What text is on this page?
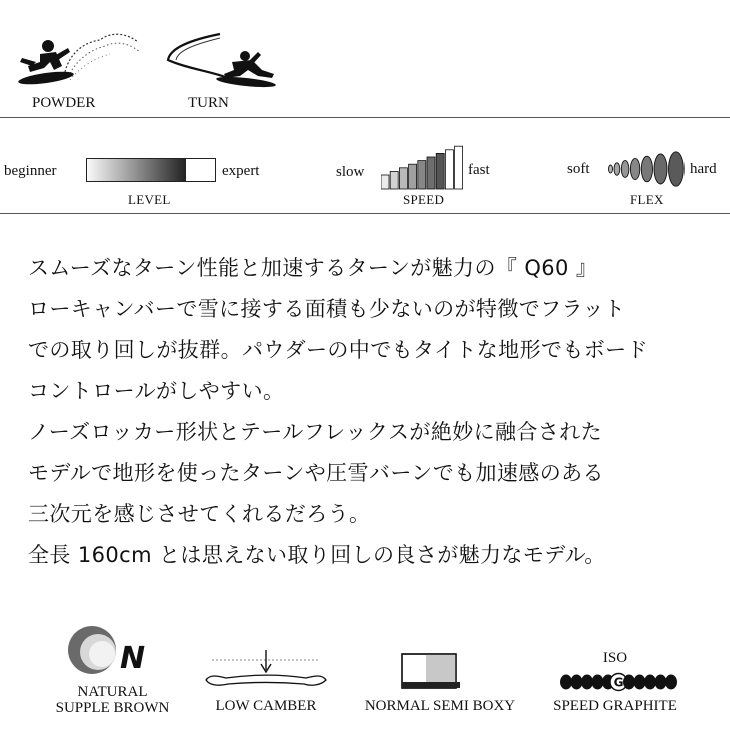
POWDER	TURN
beginner	expert
LEVEL
slow	fast
SPEED
soft	hard
FLEX
スムーズなターン性能と加速するターンが魅力の『 Q60 』
ローキャンバーで雪に接する面積も少ないのが特徴でフラット
での取り回しが抜群。パウダーの中でもタイトな地形でもボード
コントロールがしやすい。
ノーズロッカー形状とテールフレックスが絶妙に融合された
モデルで地形を使ったターンや圧雪バーンでも加速感のある
三次元を感じさせてくれるだろう。
全長 160cm とは思えない取り回しの良さが魅力なモデル。
N
NATURAL
SUPPLE BROWN	LOW CAMBER	NORMAL SEMI BOXY
ISO
G
SPEED GRAPHITE
